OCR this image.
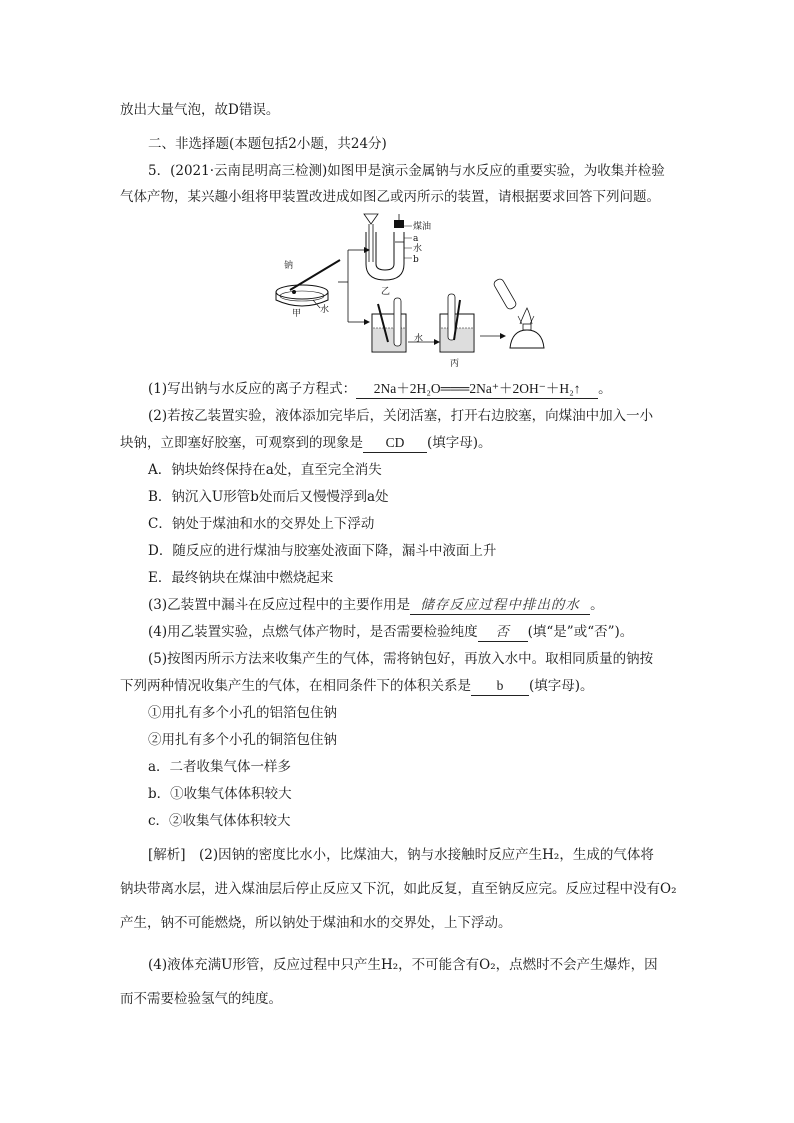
放出大量气泡，故D错误。
二、非选择题(本题包括2小题，共24分)
5．(2021·云南昆明高三检测)如图甲是演示金属钠与水反应的重要实验，为收集并检验
气体产物，某兴趣小组将甲装置改进成如图乙或丙所示的装置，请根据要求回答下列问题。
钠
甲 水
煤油
a
水
b
乙
水
丙
(1)写出钠与水反应的离子方程式： 2Na＋2H₂O═══2Na⁺＋2OH⁻＋H₂↑ 。
(2)若按乙装置实验，液体添加完毕后，关闭活塞，打开右边胶塞，向煤油中加入一小
块钠，立即塞好胶塞，可观察到的现象是 CD (填字母)。
A．钠块始终保持在a处，直至完全消失
B．钠沉入U形管b处而后又慢慢浮到a处
C．钠处于煤油和水的交界处上下浮动
D．随反应的进行煤油与胶塞处液面下降，漏斗中液面上升
E．最终钠块在煤油中燃烧起来
(3)乙装置中漏斗在反应过程中的主要作用是 储存反应过程中排出的水 。
(4)用乙装置实验，点燃气体产物时，是否需要检验纯度 否 (填“是”或“否”)。
(5)按图丙所示方法来收集产生的气体，需将钠包好，再放入水中。取相同质量的钠按
下列两种情况收集产生的气体，在相同条件下的体积关系是 b (填字母)。
①用扎有多个小孔的铝箔包住钠
②用扎有多个小孔的铜箔包住钠
a．二者收集气体一样多
b．①收集气体体积较大
c．②收集气体体积较大
[解析]　(2)因钠的密度比水小，比煤油大，钠与水接触时反应产生H₂，生成的气体将
钠块带离水层，进入煤油层后停止反应又下沉，如此反复，直至钠反应完。反应过程中没有O₂
产生，钠不可能燃烧，所以钠处于煤油和水的交界处，上下浮动。
(4)液体充满U形管，反应过程中只产生H₂，不可能含有O₂，点燃时不会产生爆炸，因
而不需要检验氢气的纯度。
